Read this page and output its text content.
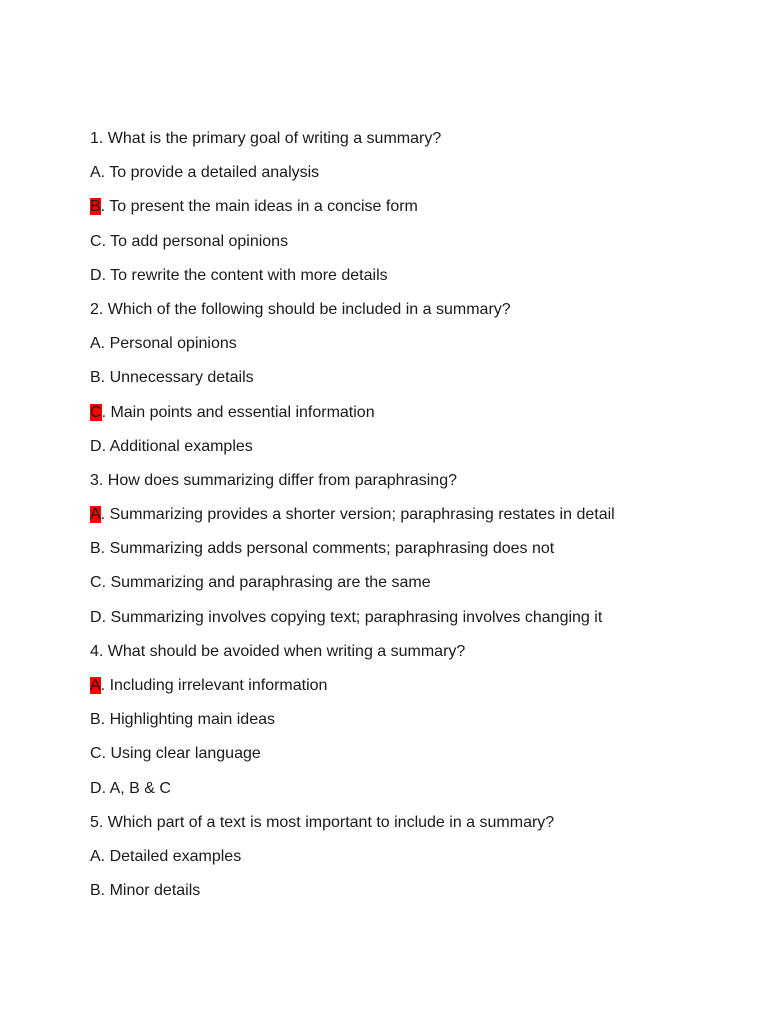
1. What is the primary goal of writing a summary?
A. To provide a detailed analysis
B. To present the main ideas in a concise form
C. To add personal opinions
D. To rewrite the content with more details
2. Which of the following should be included in a summary?
A. Personal opinions
B. Unnecessary details
C. Main points and essential information
D. Additional examples
3. How does summarizing differ from paraphrasing?
A. Summarizing provides a shorter version; paraphrasing restates in detail
B. Summarizing adds personal comments; paraphrasing does not
C. Summarizing and paraphrasing are the same
D. Summarizing involves copying text; paraphrasing involves changing it
4. What should be avoided when writing a summary?
A. Including irrelevant information
B. Highlighting main ideas
C. Using clear language
D. A, B & C
5. Which part of a text is most important to include in a summary?
A. Detailed examples
B. Minor details
